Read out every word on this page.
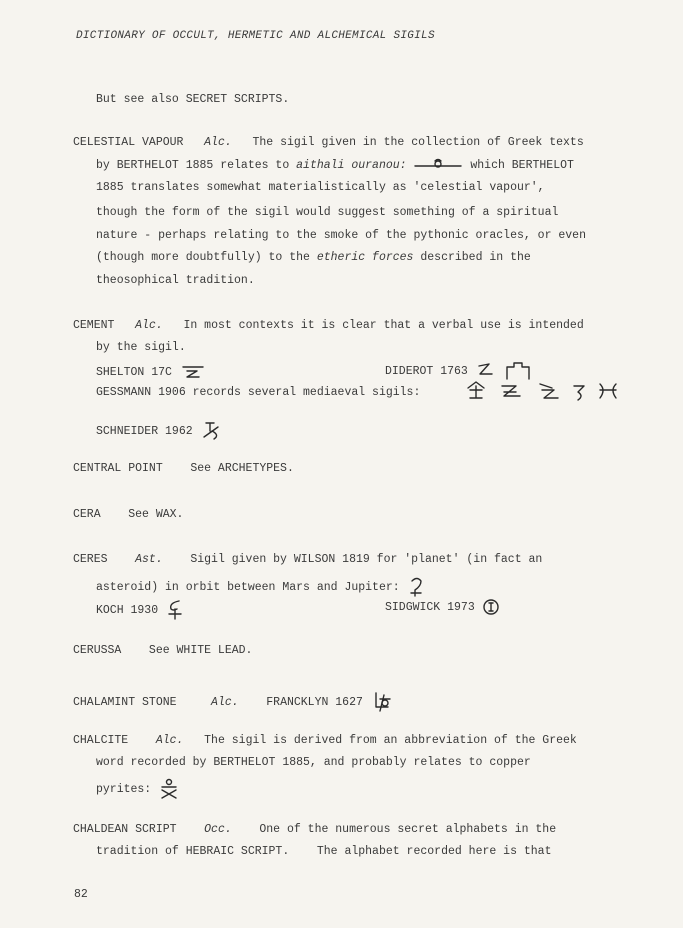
DICTIONARY OF OCCULT, HERMETIC AND ALCHEMICAL SIGILS
But see also SECRET SCRIPTS.
CELESTIAL VAPOUR Alc. The sigil given in the collection of Greek texts
by BERTHELOT 1885 relates to aithali ouranou:	which BERTHELOT
1885 translates somewhat materialistically as 'celestial vapour',
though the form of the sigil would suggest something of a spiritual
nature - perhaps relating to the smoke of the pythonic oracles, or even
(though more doubtfully) to the etheric forces described in the
theosophical tradition.
CEMENT Alc. In most contexts it is clear that a verbal use is intended
by the sigil.
SHELTON 17C	DIDEROT 1763
GESSMANN 1906 records several mediaeval sigils:
SCHNEIDER 1962
CENTRAL POINT See ARCHETYPES.
CERA See WAX.
CERES Ast. Sigil given by WILSON 1819 for 'planet' (in fact an
asteroid) in orbit between Mars and Jupiter:
KOCH 1930	SIDGWICK 1973
CERUSSA See WHITE LEAD.
CHALAMINT STONE	Alc. FRANCKLYN 1627
CHALCITE Alc. The sigil is derived from an abbreviation of the Greek
word recorded by BERTHELOT 1885, and probably relates to copper
pyrites:
CHALDEAN SCRIPT Occ. One of the numerous secret alphabets in the
tradition of HEBRAIC SCRIPT. The alphabet recorded here is that
82
